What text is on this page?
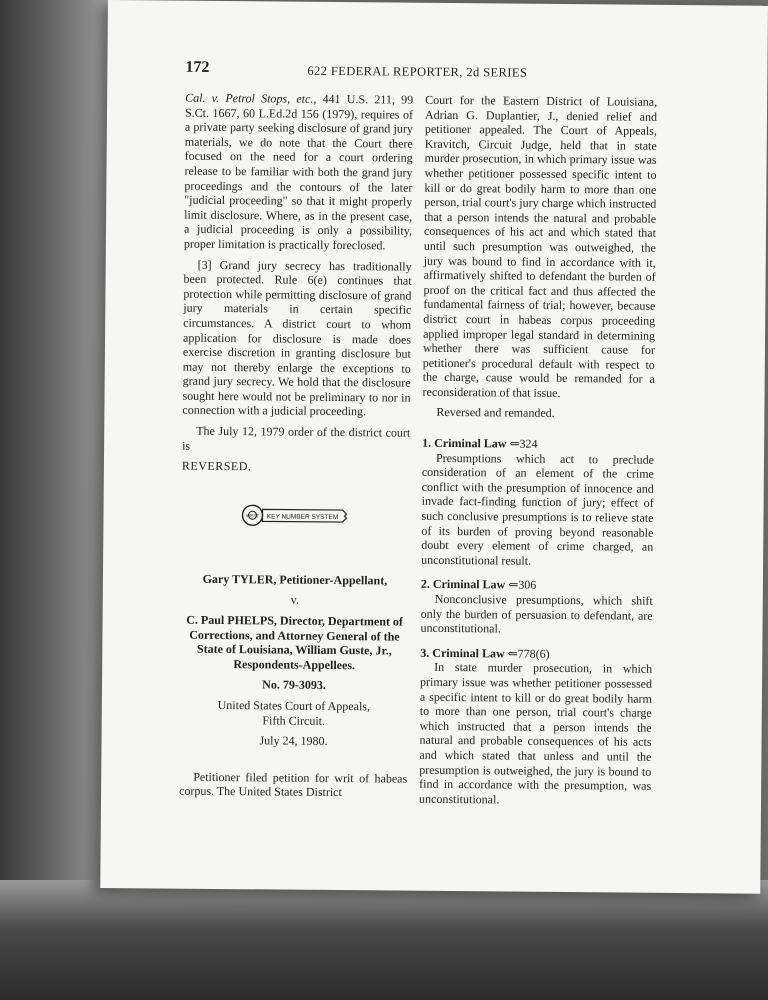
172	622 FEDERAL REPORTER, 2d SERIES

Cal. v. Petrol Stops, etc., 441 U.S. 211, 99 S.Ct. 1667, 60 L.Ed.2d 156 (1979), requires of a private party seeking disclosure of grand jury materials, we do note that the Court there focused on the need for a court ordering release to be familiar with both the grand jury proceedings and the contours of the later "judicial proceeding" so that it might properly limit disclosure. Where, as in the present case, a judicial proceeding is only a possibility, proper limitation is practically foreclosed.

[3] Grand jury secrecy has traditionally been protected. Rule 6(e) continues that protection while permitting disclosure of grand jury materials in certain specific circumstances. A district court to whom application for disclosure is made does exercise discretion in granting disclosure but may not thereby enlarge the exceptions to grand jury secrecy. We hold that the disclosure sought here would not be preliminary to nor in connection with a judicial proceeding.

The July 12, 1979 order of the district court is

REVERSED.

KEY NUMBER SYSTEM
WEST

Gary TYLER, Petitioner-Appellant,

v.

C. Paul PHELPS, Director, Department of Corrections, and Attorney General of the State of Louisiana, William Guste, Jr., Respondents-Appellees.

No. 79-3093.

United States Court of Appeals,

Fifth Circuit.

July 24, 1980.

Petitioner filed petition for writ of habeas corpus. The United States District

Court for the Eastern District of Louisiana, Adrian G. Duplantier, J., denied relief and petitioner appealed. The Court of Appeals, Kravitch, Circuit Judge, held that in state murder prosecution, in which primary issue was whether petitioner possessed specific intent to kill or do great bodily harm to more than one person, trial court's jury charge which instructed that a person intends the natural and probable consequences of his act and which stated that until such presumption was outweighed, the jury was bound to find in accordance with it, affirmatively shifted to defendant the burden of proof on the critical fact and thus affected the fundamental fairness of trial; however, because district court in habeas corpus proceeding applied improper legal standard in determining whether there was sufficient cause for petitioner's procedural default with respect to the charge, cause would be remanded for a reconsideration of that issue.

Reversed and remanded.

1. Criminal Law ⇐324

Presumptions which act to preclude consideration of an element of the crime conflict with the presumption of innocence and invade fact-finding function of jury; effect of such conclusive presumptions is to relieve state of its burden of proving beyond reasonable doubt every element of crime charged, an unconstitutional result.

2. Criminal Law ⇐306

Nonconclusive presumptions, which shift only the burden of persuasion to defendant, are unconstitutional.

3. Criminal Law ⇐778(6)

In state murder prosecution, in which primary issue was whether petitioner possessed a specific intent to kill or do great bodily harm to more than one person, trial court's charge which instructed that a person intends the natural and probable consequences of his acts and which stated that unless and until the presumption is outweighed, the jury is bound to find in accordance with the presumption, was unconstitutional.
